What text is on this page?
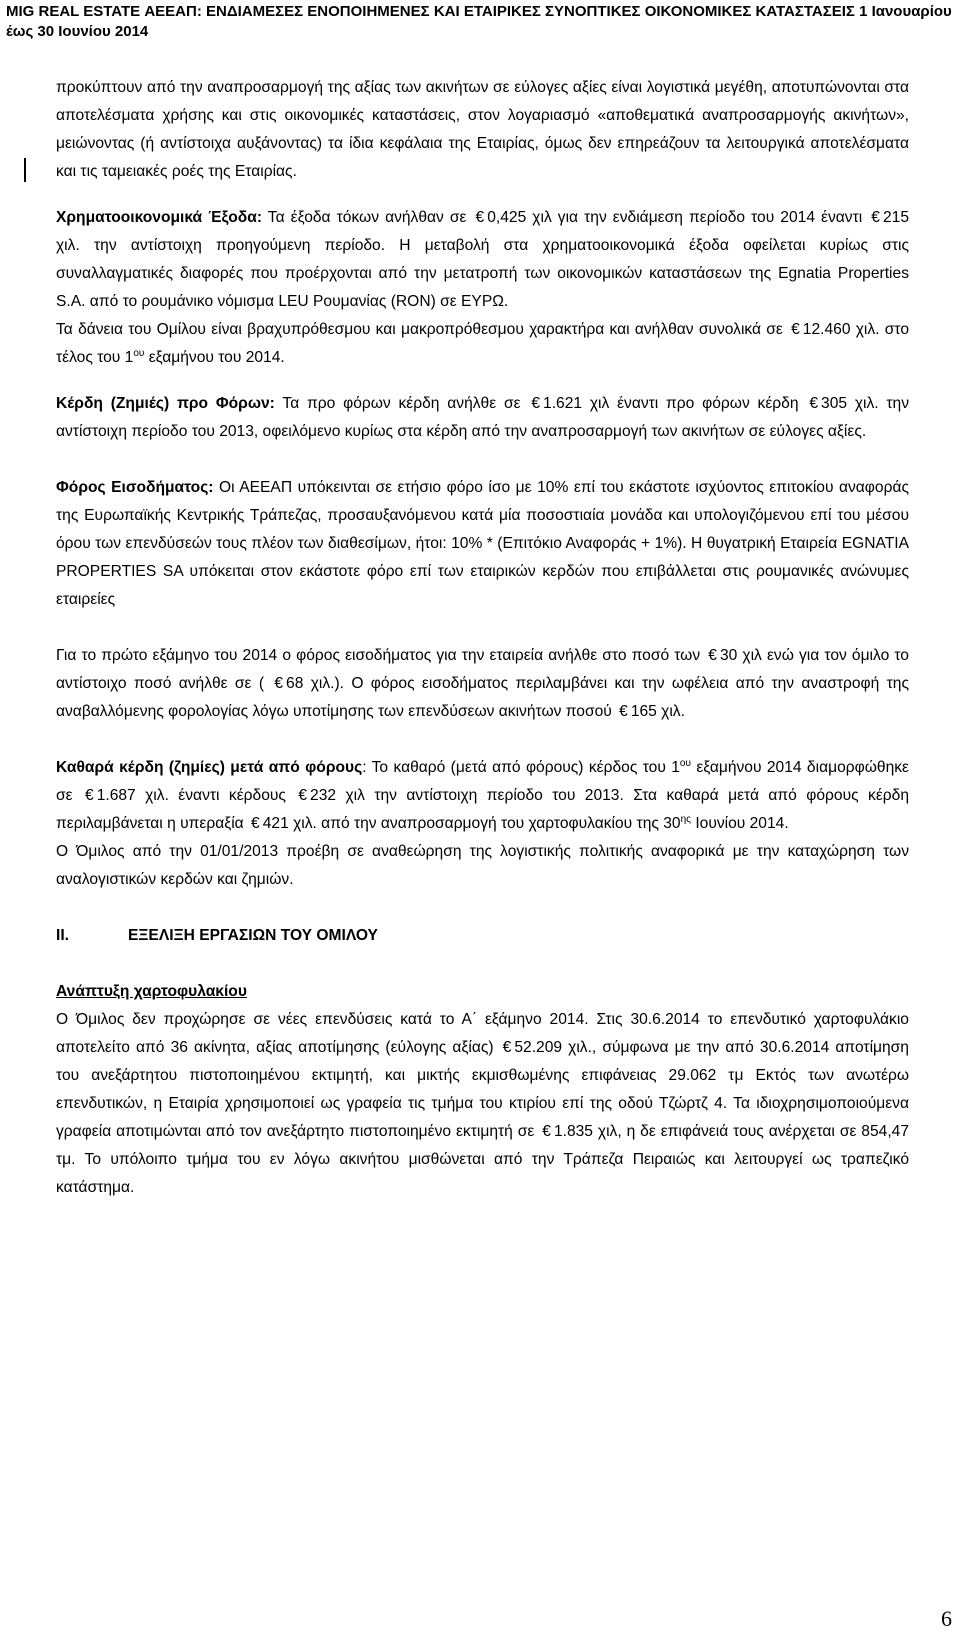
MIG REAL ESTATE ΑΕΕΑΠ: ΕΝΔΙΑΜΕΣΕΣ ΕΝΟΠΟΙΗΜΕΝΕΣ ΚΑΙ ΕΤΑΙΡΙΚΕΣ ΣΥΝΟΠΤΙΚΕΣ ΟΙΚΟΝΟΜΙΚΕΣ ΚΑΤΑΣΤΑΣΕΙΣ 1 Ιανουαρίου έως 30 Ιουνίου 2014

προκύπτουν από την αναπροσαρμογή της αξίας των ακινήτων σε εύλογες αξίες είναι λογιστικά μεγέθη, αποτυπώνονται στα αποτελέσματα χρήσης και στις οικονομικές καταστάσεις, στον λογαριασμό «αποθεματικά αναπροσαρμογής ακινήτων», μειώνοντας (ή αντίστοιχα αυξάνοντας) τα ίδια κεφάλαια της Εταιρίας, όμως δεν επηρεάζουν τα λειτουργικά αποτελέσματα και τις ταμειακές ροές της Εταιρίας.

Χρηματοοικονομικά Έξοδα: Τα έξοδα τόκων ανήλθαν σε € 0,425 χιλ για την ενδιάμεση περίοδο του 2014 έναντι € 215 χιλ. την αντίστοιχη προηγούμενη περίοδο. Η μεταβολή στα χρηματοοικονομικά έξοδα οφείλεται κυρίως στις συναλλαγματικές διαφορές που προέρχονται από την μετατροπή των οικονομικών καταστάσεων της Egnatia Properties S.A. από το ρουμάνικο νόμισμα LEU Ρουμανίας (RON) σε ΕΥΡΩ.

Τα δάνεια του Ομίλου είναι βραχυπρόθεσμου και μακροπρόθεσμου χαρακτήρα και ανήλθαν συνολικά σε € 12.460 χιλ. στο τέλος του $1^{o\upsilon}$ εξαμήνου του 2014.

Κέρδη (Ζημιές) προ Φόρων: Τα προ φόρων κέρδη ανήλθε σε € 1.621 χιλ έναντι προ φόρων κέρδη € 305 χιλ. την αντίστοιχη περίοδο του 2013, οφειλόμενο κυρίως στα κέρδη από την αναπροσαρμογή των ακινήτων σε εύλογες αξίες.

Φόρος Εισοδήματος: Οι ΑΕΕΑΠ υπόκεινται σε ετήσιο φόρο ίσο με 10% επί του εκάστοτε ισχύοντος επιτοκίου αναφοράς της Ευρωπαϊκής Κεντρικής Τράπεζας, προσαυξανόμενου κατά μία ποσοστιαία μονάδα και υπολογιζόμενου επί του μέσου όρου των επενδύσεών τους πλέον των διαθεσίμων, ήτοι: 10% * (Επιτόκιο Αναφοράς + 1%). Η θυγατρική Εταιρεία EGNATIA PROPERTIES SA υπόκειται στον εκάστοτε φόρο επί των εταιρικών κερδών που επιβάλλεται στις ρουμανικές ανώνυμες εταιρείες

Για το πρώτο εξάμηνο του 2014 ο φόρος εισοδήματος για την εταιρεία ανήλθε στο ποσό των € 30 χιλ ενώ για τον όμιλο το αντίστοιχο ποσό ανήλθε σε ( € 68 χιλ.). Ο φόρος εισοδήματος περιλαμβάνει και την ωφέλεια από την αναστροφή της αναβαλλόμενης φορολογίας λόγω υποτίμησης των επενδύσεων ακινήτων ποσού € 165 χιλ.

Καθαρά κέρδη (ζημίες) μετά από φόρους: Το καθαρό (μετά από φόρους) κέρδος του $1^{o\upsilon}$ εξαμήνου 2014 διαμορφώθηκε σε € 1.687 χιλ. έναντι κέρδους € 232 χιλ την αντίστοιχη περίοδο του 2013. Στα καθαρά μετά από φόρους κέρδη περιλαμβάνεται η υπεραξία € 421 χιλ. από την αναπροσαρμογή του χαρτοφυλακίου της $30^{\eta\varsigma}$ Ιουνίου 2014.

Ο Όμιλος από την 01/01/2013 προέβη σε αναθεώρηση της λογιστικής πολιτικής αναφορικά με την καταχώρηση των αναλογιστικών κερδών και ζημιών.

II.	ΕΞΕΛΙΞΗ ΕΡΓΑΣΙΩΝ ΤΟΥ ΟΜΙΛΟΥ

Ανάπτυξη χαρτοφυλακίου

Ο Όμιλος δεν προχώρησε σε νέες επενδύσεις κατά το Α΄ εξάμηνο 2014. Στις 30.6.2014 το επενδυτικό χαρτοφυλάκιο αποτελείτο από 36 ακίνητα, αξίας αποτίμησης (εύλογης αξίας) € 52.209 χιλ., σύμφωνα με την από 30.6.2014 αποτίμηση του ανεξάρτητου πιστοποιημένου εκτιμητή, και μικτής εκμισθωμένης επιφάνειας 29.062 τμ Εκτός των ανωτέρω επενδυτικών, η Εταιρία χρησιμοποιεί ως γραφεία τις τμήμα του κτιρίου επί της οδού Τζώρτζ 4. Τα ιδιοχρησιμοποιούμενα γραφεία αποτιμώνται από τον ανεξάρτητο πιστοποιημένο εκτιμητή σε € 1.835 χιλ, η δε επιφάνειά τους ανέρχεται σε 854,47 τμ. Το υπόλοιπο τμήμα του εν λόγω ακινήτου μισθώνεται από την Τράπεζα Πειραιώς και λειτουργεί ως τραπεζικό κατάστημα.

6
